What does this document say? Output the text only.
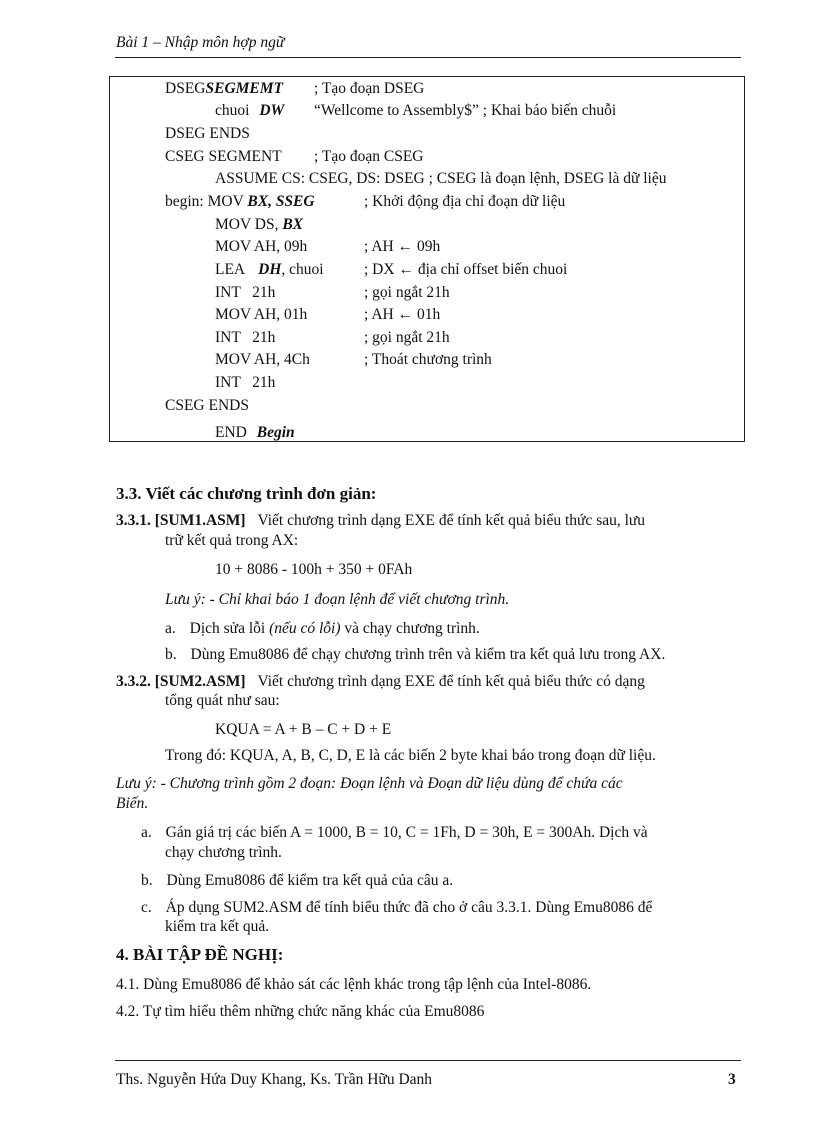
Bài 1 – Nhập môn hợp ngữ
DSEGSEGMEMT ; Tạo đoạn DSEG
chuoi DW “Wellcome to Assembly$” ; Khai báo biến chuỗi
DSEG ENDS
CSEG SEGMENT ; Tạo đoạn CSEG
ASSUME CS: CSEG, DS: DSEG ; CSEG là đoạn lệnh, DSEG là dữ liệu
begin: MOV BX, SSEG	; Khởi động địa chỉ đoạn dữ liệu
MOV DS, BX
MOV AH, 09h	; AH ← 09h
LEA DH, chuoi	; DX ← địa chỉ offset biến chuoi
INT   21h	; gọi ngắt 21h
MOV AH, 01h	; AH ← 01h
INT   21h	; gọi ngắt 21h
MOV AH, 4Ch	; Thoát chương trình
INT   21h
CSEG ENDS
END Begin
3.3. Viết các chương trình đơn giản:
3.3.1. [SUM1.ASM] Viết chương trình dạng EXE để tính kết quả biểu thức sau, lưu
trữ kết quả trong AX:
10 + 8086 - 100h + 350 + 0FAh
Lưu ý: - Chỉ khai báo 1 đoạn lệnh để viết chương trình.
a. Dịch sửa lỗi (nếu có lỗi) và chạy chương trình.
b. Dùng Emu8086 để chạy chương trình trên và kiểm tra kết quả lưu trong AX.
3.3.2. [SUM2.ASM] Viết chương trình dạng EXE để tính kết quả biểu thức có dạng
tổng quát như sau:
KQUA = A + B – C + D + E
Trong đó: KQUA, A, B, C, D, E là các biến 2 byte khai báo trong đoạn dữ liệu.
Lưu ý: - Chương trình gồm 2 đoạn: Đoạn lệnh và Đoạn dữ liệu dùng để chứa các
Biến.
a. Gán giá trị các biến A = 1000, B = 10, C = 1Fh, D = 30h, E = 300Ah. Dịch và
chạy chương trình.
b. Dùng Emu8086 để kiểm tra kết quả của câu a.
c. Áp dụng SUM2.ASM để tính biểu thức đã cho ở câu 3.3.1. Dùng Emu8086 để
kiểm tra kết quả.
4. BÀI TẬP ĐỀ NGHỊ:
4.1. Dùng Emu8086 để khảo sát các lệnh khác trong tập lệnh của Intel-8086.
4.2. Tự tìm hiểu thêm những chức năng khác của Emu8086
Ths. Nguyễn Hứa Duy Khang, Ks. Trần Hữu Danh	3
